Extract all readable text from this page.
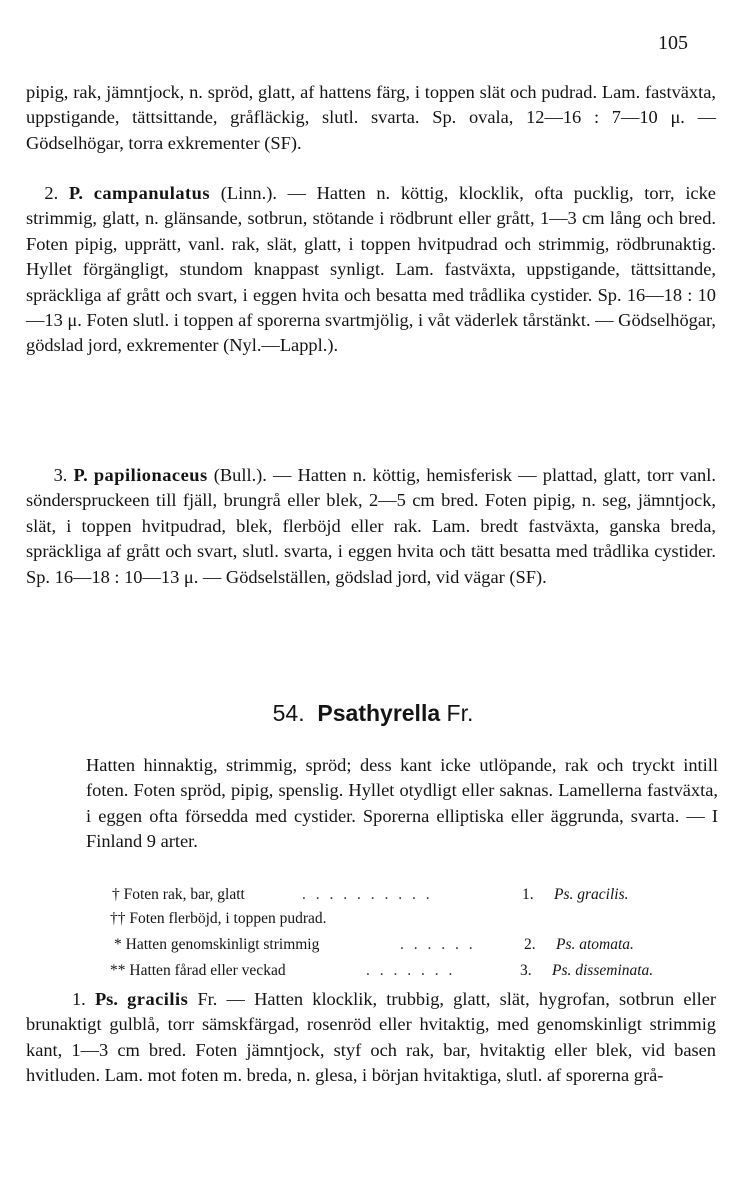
105

pipig, rak, jämntjock, n. spröd, glatt, af hattens färg, i toppen slät och pudrad. Lam. fastväxta, uppstigande, tättsittande, gråfläckig, slutl. svarta. Sp. ovala, 12—16 : 7—10 μ. — Gödselhögar, torra exkrementer (SF).

 2. P. campanulatus (Linn.). — Hatten n. köttig, klocklik, ofta pucklig, torr, icke strimmig, glatt, n. glänsande, sotbrun, stötande i rödbrunt eller grått, 1—3 cm lång och bred. Foten pipig, upprätt, vanl. rak, slät, glatt, i toppen hvitpudrad och strimmig, rödbrunaktig. Hyllet förgängligt, stundom knappast synligt. Lam. fastväxta, uppstigande, tättsittande, spräckliga af grått och svart, i eggen hvita och besatta med trådlika cystider. Sp. 16—18 : 10—13 μ. Foten slutl. i toppen af sporerna svartmjölig, i våt väderlek tårstänkt. — Gödselhögar, gödslad jord, exkrementer (Nyl.—Lappl.).

  3. P. papilionaceus (Bull.). — Hatten n. köttig, hemisferisk — plattad, glatt, torr vanl. sönderspruckeen till fjäll, brungrå eller blek, 2—5 cm bred. Foten pipig, n. seg, jämntjock, slät, i toppen hvitpudrad, blek, flerböjd eller rak. Lam. bredt fastväxta, ganska breda, spräckliga af grått och svart, slutl. svarta, i eggen hvita och tätt besatta med trådlika cystider. Sp. 16—18 : 10—13 μ. — Gödselställen, gödslad jord, vid vägar (SF).

54. Psathyrella Fr.

Hatten hinnaktig, strimmig, spröd; dess kant icke utlöpande, rak och tryckt intill foten. Foten spröd, pipig, spenslig. Hyllet otydligt eller saknas. Lamellerna fastväxta, i eggen ofta försedda med cystider. Sporerna elliptiska eller äggrunda, svarta. — I Finland 9 arter.

† Foten rak, bar, glatt	. . . . . . . . . .	1. Ps. gracilis.
†† Foten flerböjd, i toppen pudrad.
* Hatten genomskinligt strimmig	. . . . . .	2. Ps. atomata.
** Hatten fårad eller veckad	. . . . . . .	3. Ps. disseminata.

   1. Ps. gracilis Fr. — Hatten klocklik, trubbig, glatt, slät, hygrofan, sotbrun eller brunaktigt gulblå, torr sämskfärgad, rosenröd eller hvitaktig, med genomskinligt strimmig kant, 1—3 cm bred. Foten jämntjock, styf och rak, bar, hvitaktig eller blek, vid basen hvitluden. Lam. mot foten m. breda, n. glesa, i början hvitaktiga, slutl. af sporerna grå-
